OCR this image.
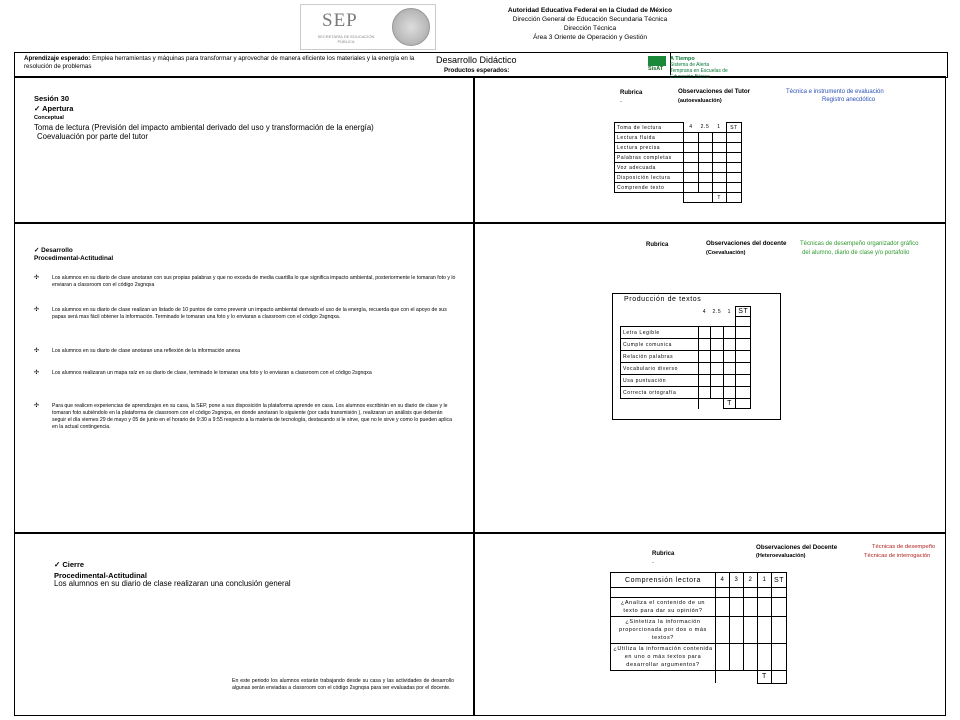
SEP
SECRETARÍA DE EDUCACIÓN PÚBLICA
Autoridad Educativa Federal en la Ciudad de México
Dirección General de Educación Secundaria Técnica
Dirección Técnica
Área 3 Oriente de Operación y Gestión
Aprendizaje esperado: Emplea herramientas y máquinas para transformar y aprovechar de manera eficiente los materiales y la energía en la resolución de problemas
Desarrollo Didáctico
Productos esperados:	SisAT
A Tiempo
Sistema de Alerta Temprana en Escuelas de Educación Básica
Sesión 30
✓ Apertura
Conceptual
Toma de lectura (Previsión del impacto ambiental derivado del uso y transformación de la energía)
Coevaluación por parte del tutor
Rubrica
.
Observaciones del Tutor
(autoevaluación)
Técnica e instrumento de evaluación
Registro anecdótico
Toma de lectura	4	2.5	1	ST
Lectura fluida				
Lectura precisa				
Palabras completas				
Voz adecuada				
Disposición lectura				
Comprende texto				
			T	
✓ Desarrollo
Procedimental-Actitudinal
✣ Los alumnos en su diario de clase anotaran con sus propias palabras y que no exceda de media cuartilla lo que significa impacto ambiental, posteriormente le tomaran foto y lo enviaran a classroom con el código 2sgnqxa
✣ Los alumnos en su diario de clase realizan un listado de 10 puntos de como prevenir un impacto ambiental derivado el uso de la energía, recuerda que con el apoyo de sus papas será mas fácil obtener la información. Terminado le tomaran una foto y lo enviaran a classroom con el código 2sgnqxa.
✣ Los alumnos en su diario de clase anotaran una reflexión de la información anexa
✣ Los alumnos realizaran un mapa raíz en su diario de clase, terminado le tomaran una foto y lo enviaran a classroom con el código 2sgnqxa
✣ Para que realicen experiencias de aprendizajes en su casa, la SEP, pone a sus disposición la plataforma aprende en casa. Los alumnos escribirán en su diario de clase y le tomaran foto subiéndolo en la plataforma de classroom con el código 2sgnqxa, en donde anotaran lo siguiente (por cada transmisión ), realizaran un análisis que deberán seguir el día viernes 29 de mayo y 05 de junio en el horario de 9:30 a 9:55 respecto a la materia de tecnología, destacando si le sirve, que no le sirve y como lo pueden aplica en la actual contingencia.
Rubrica	Observaciones del docente
(Coevaluación)
Técnicas de desempeño organizador gráfico
del alumno, diario de clase y/o portafolio
Producción de textos
	4	2.5	1	ST

Letra Legible				
Cumple comunica				
Relación palabras				
Vocabulario diverso				
Usa puntuación				
Correcta ortografía				
			T	
✓ Cierre
Procedimental-Actitudinal
Los alumnos en su diario de clase realizaran una conclusión general
En este periodo los alumnos estarán trabajando desde su casa y las actividades de desarrollo algunas serán enviadas a classroom con el código 2sgnqxa para ser evaluadas por el docente.
Rubrica
.
Observaciones del Docente
(Heteroevaluación)
Técnicas de desempeño
Técnicas de interrogación
Comprensión lectora	4	3	2	1	ST

¿Analiza el contenido de un texto para dar su opinión?					
¿Sintetiza la información proporcionada por dos o más textos?					
¿Utiliza la información contenida en uno o más textos para desarrollar argumentos?					
				T	
